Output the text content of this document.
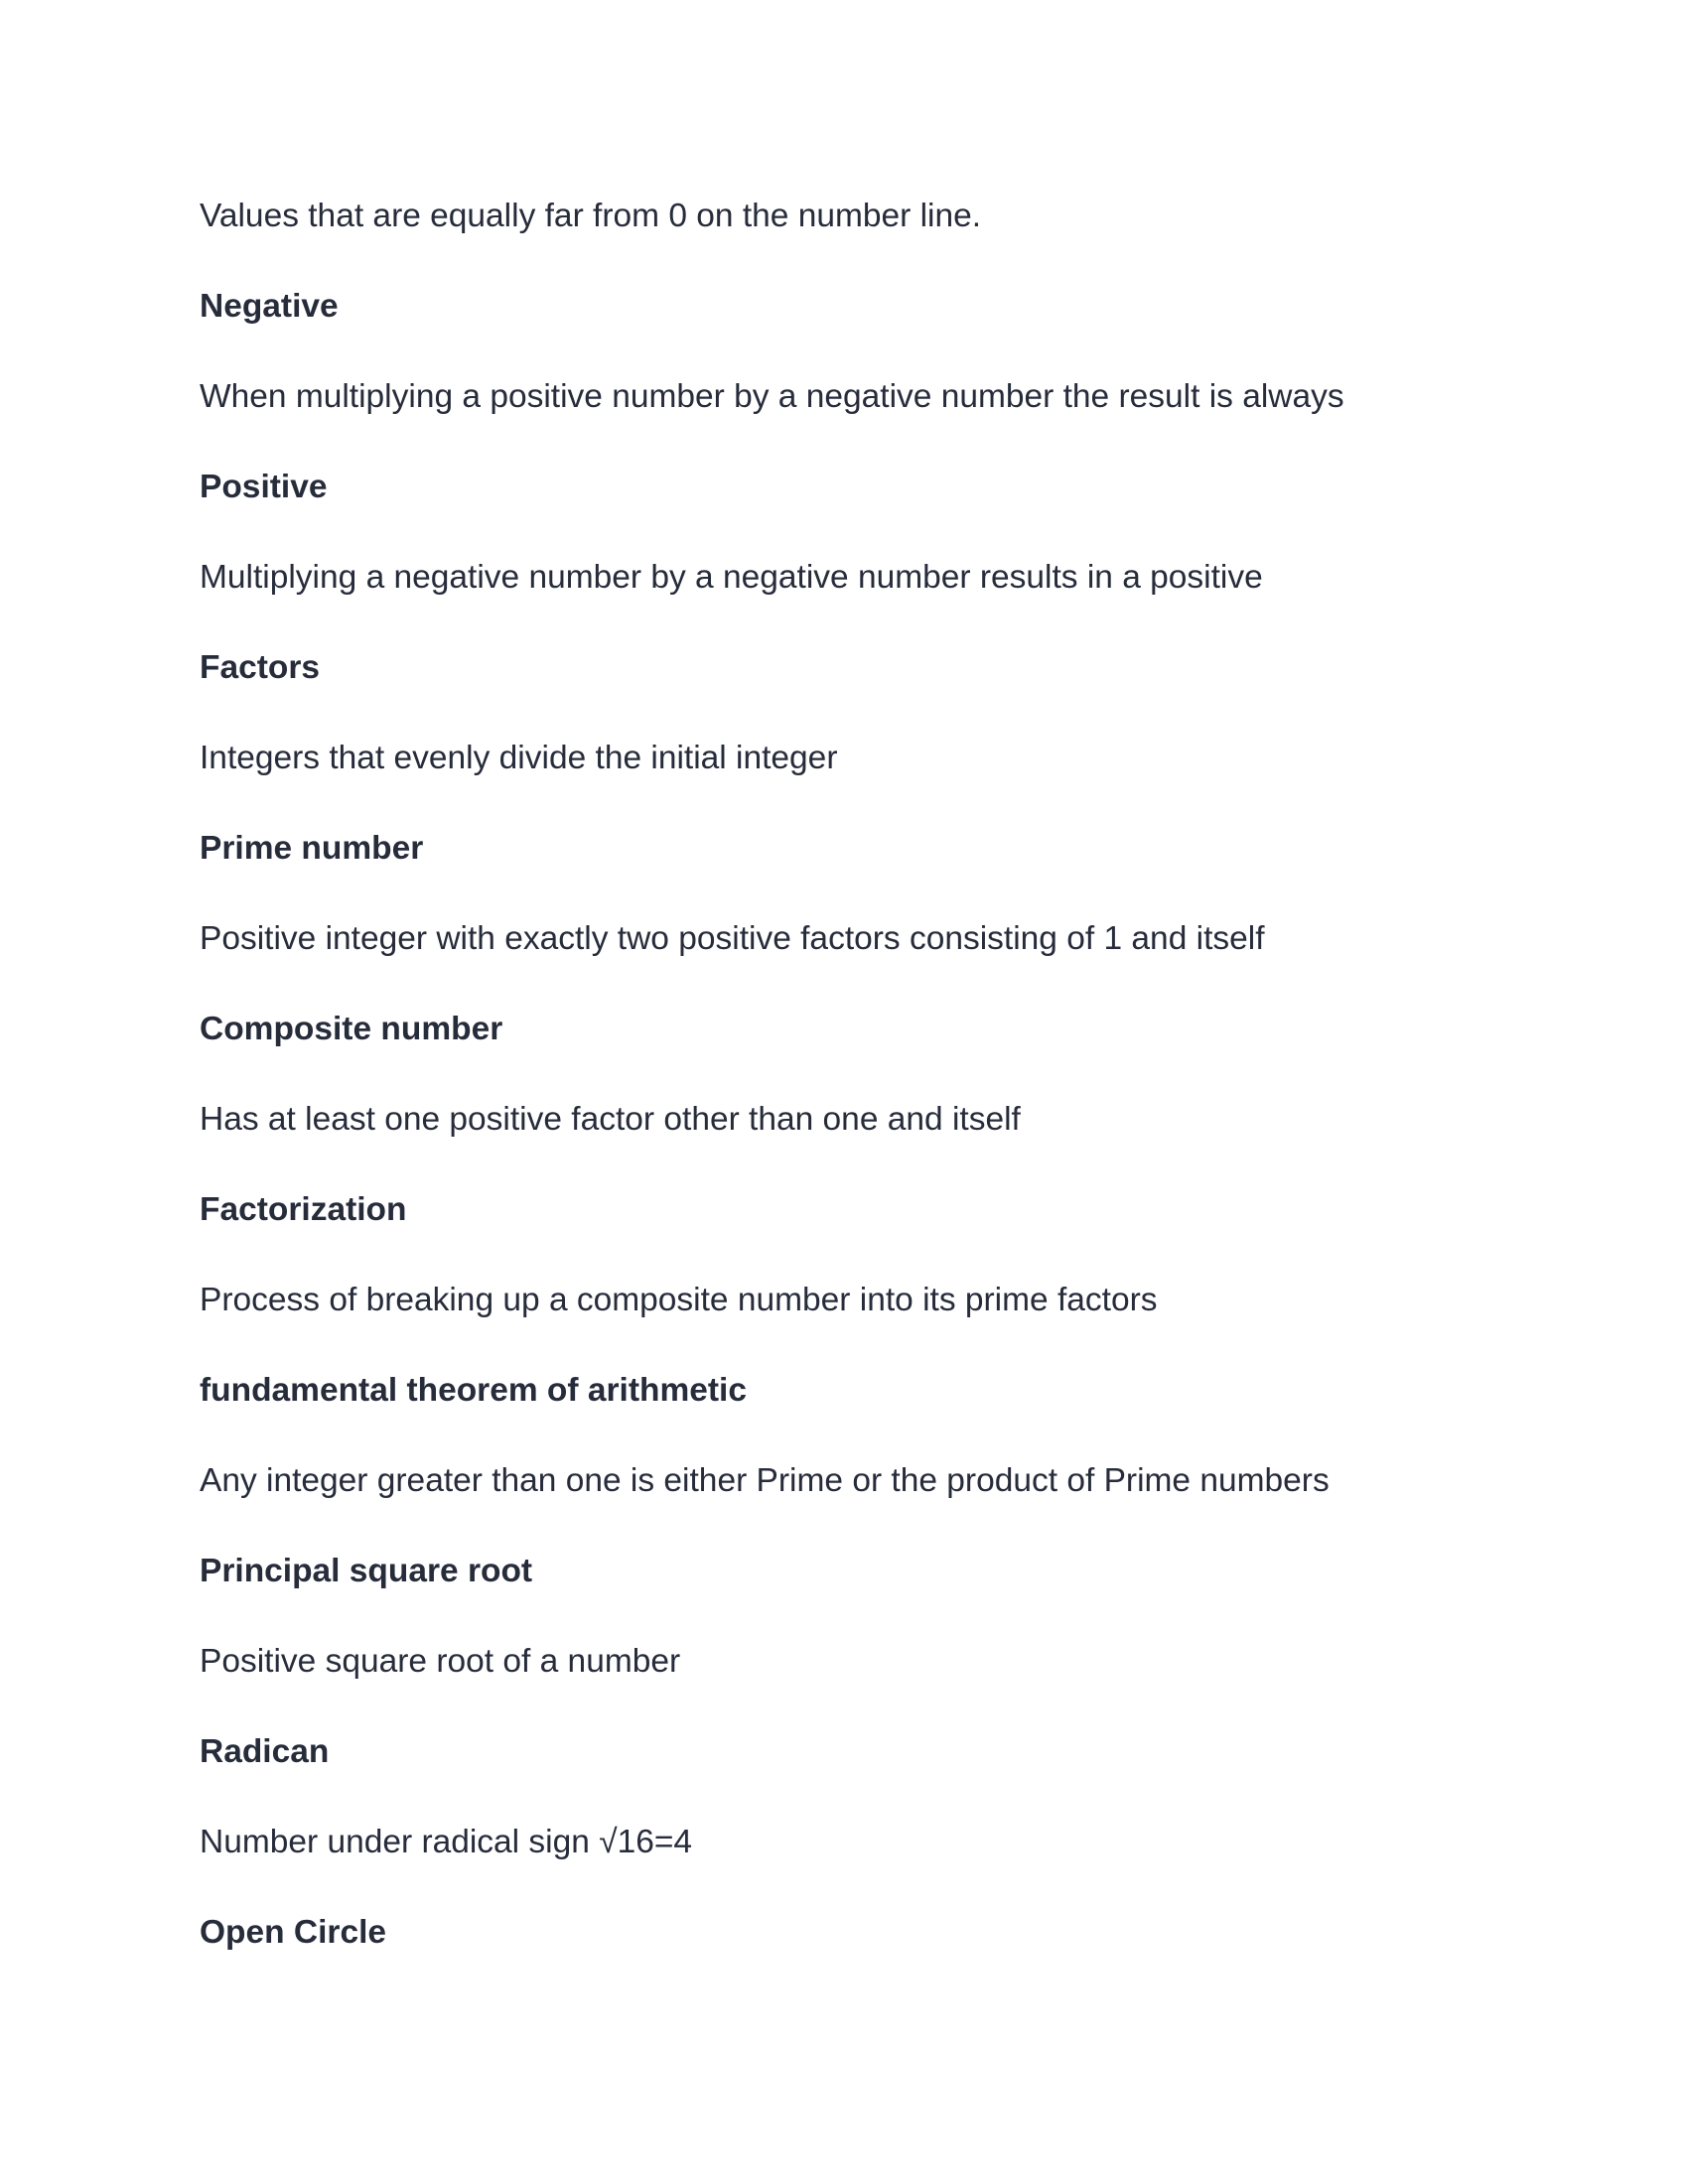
Values that are equally far from 0 on the number line.
Negative
When multiplying a positive number by a negative number the result is always
Positive
Multiplying a negative number by a negative number results in a positive
Factors
Integers that evenly divide the initial integer
Prime number
Positive integer with exactly two positive factors consisting of 1 and itself
Composite number
Has at least one positive factor other than one and itself
Factorization
Process of breaking up a composite number into its prime factors
fundamental theorem of arithmetic
Any integer greater than one is either Prime or the product of Prime numbers
Principal square root
Positive square root of a number
Radican
Number under radical sign √16=4
Open Circle
